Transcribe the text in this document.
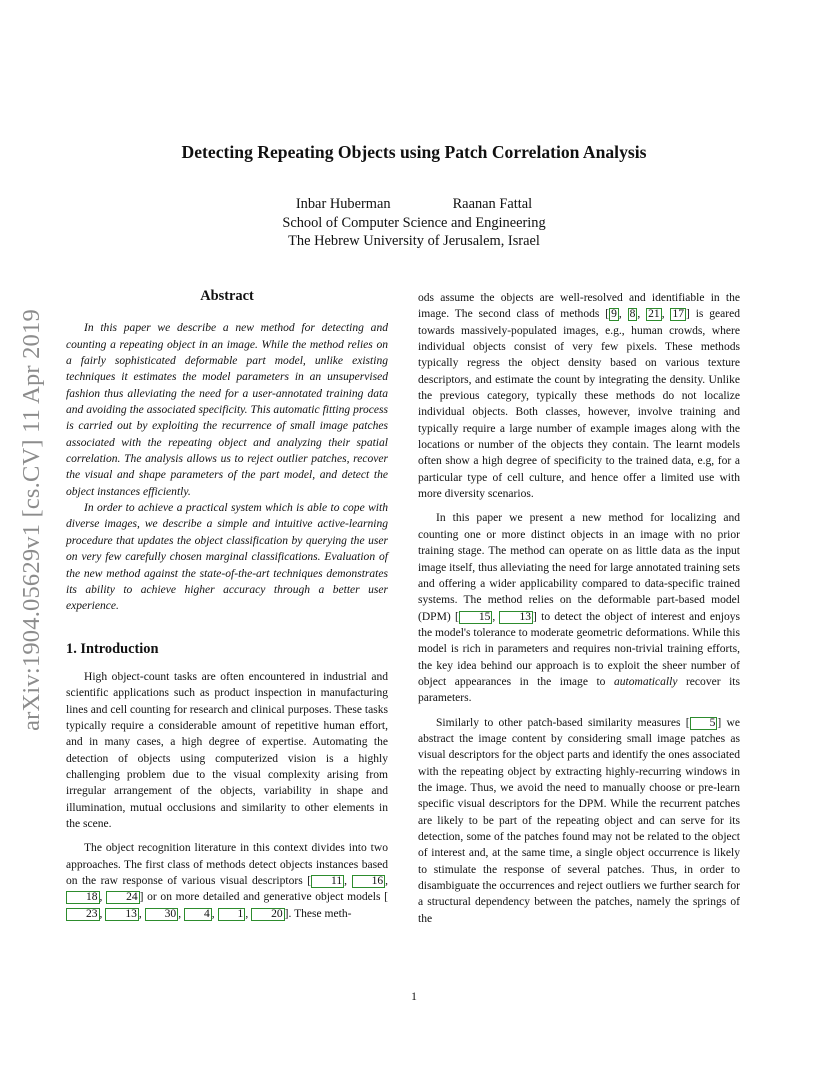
arXiv:1904.05629v1 [cs.CV] 11 Apr 2019
Detecting Repeating Objects using Patch Correlation Analysis
Inbar Huberman	Raanan Fattal
School of Computer Science and Engineering
The Hebrew University of Jerusalem, Israel
Abstract

In this paper we describe a new method for detecting and counting a repeating object in an image. While the method relies on a fairly sophisticated deformable part model, unlike existing techniques it estimates the model parameters in an unsupervised fashion thus alleviating the need for a user-annotated training data and avoiding the associated specificity. This automatic fitting process is carried out by exploiting the recurrence of small image patches associated with the repeating object and analyzing their spatial correlation. The analysis allows us to reject outlier patches, recover the visual and shape parameters of the part model, and detect the object instances efficiently.

In order to achieve a practical system which is able to cope with diverse images, we describe a simple and intuitive active-learning procedure that updates the object classification by querying the user on very few carefully chosen marginal classifications. Evaluation of the new method against the state-of-the-art techniques demonstrates its ability to achieve higher accuracy through a better user experience.

1. Introduction

High object-count tasks are often encountered in industrial and scientific applications such as product inspection in manufacturing lines and cell counting for research and clinical purposes. These tasks typically require a considerable amount of repetitive human effort, and in many cases, a high degree of expertise. Automating the detection of objects using computerized vision is a highly challenging problem due to the visual complexity arising from irregular arrangement of the objects, variability in shape and illumination, mutual occlusions and similarity to other elements in the scene.

The object recognition literature in this context divides into two approaches. The first class of methods detect objects instances based on the raw response of various visual descriptors [ 11 , 16 , 18 , 24 ] or on more detailed and generative object models [23 , 13 , 30 , 4 , 1 , 20 ]. These meth-

ods assume the objects are well-resolved and identifiable in the image. The second class of methods [ 9 , 8 , 21 , 17 ] is geared towards massively-populated images, e.g., human crowds, where individual objects consist of very few pixels. These methods typically regress the object density based on various texture descriptors, and estimate the count by integrating the density. Unlike the previous category, typically these methods do not localize individual objects. Both classes, however, involve training and typically require a large number of example images along with the locations or number of the objects they contain. The learnt models often show a high degree of specificity to the trained data, e.g, for a particular type of cell culture, and hence offer a limited use with more diversity scenarios.

In this paper we present a new method for localizing and counting one or more distinct objects in an image with no prior training stage. The method can operate on as little data as the input image itself, thus alleviating the need for large annotated training sets and offering a wider applicability compared to data-specific trained systems. The method relies on the deformable part-based model (DPM) [ 15 , 13 ] to detect the object of interest and enjoys the model's tolerance to moderate geometric deformations. While this model is rich in parameters and requires non-trivial training efforts, the key idea behind our approach is to exploit the sheer number of object appearances in the image to automatically recover its parameters.

Similarly to other patch-based similarity measures [ 5 ] we abstract the image content by considering small image patches as visual descriptors for the object parts and identify the ones associated with the repeating object by extracting highly-recurring windows in the image. Thus, we avoid the need to manually choose or pre-learn specific visual descriptors for the DPM. While the recurrent patches are likely to be part of the repeating object and can serve for its detection, some of the patches found may not be related to the object of interest and, at the same time, a single object occurrence is likely to stimulate the response of several patches. Thus, in order to disambiguate the occurrences and reject outliers we further search for a structural dependency between the patches, namely the springs of the

1
